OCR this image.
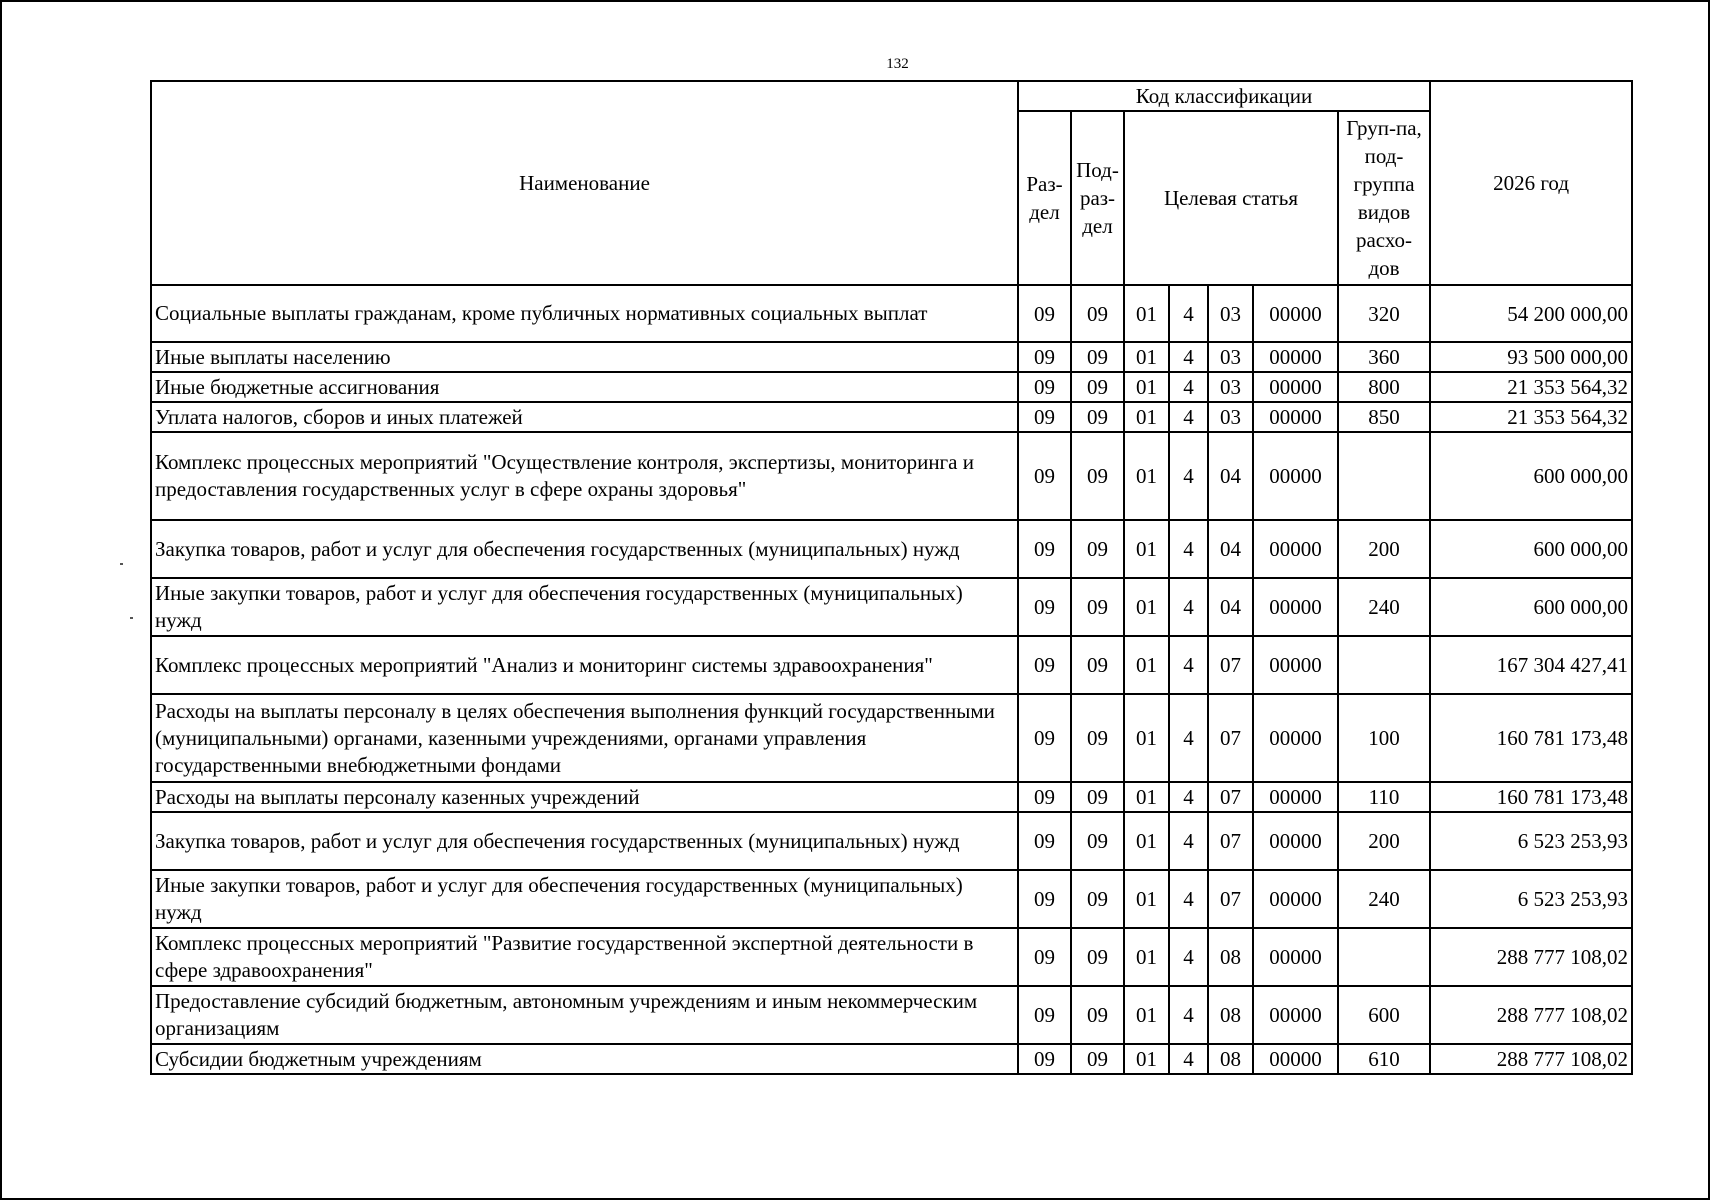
132
Наименование	Код классификации							2026 год
	Раз-дел	Под-раз-дел	Целевая статья				Груп-па, под-группа видов расхо-дов	
Социальные выплаты гражданам, кроме публичных нормативных социальных выплат	09	09	01	4	03	00000	320	54 200 000,00
Иные выплаты населению	09	09	01	4	03	00000	360	93 500 000,00
Иные бюджетные ассигнования	09	09	01	4	03	00000	800	21 353 564,32
Уплата налогов, сборов и иных платежей	09	09	01	4	03	00000	850	21 353 564,32
Комплекс процессных мероприятий "Осуществление контроля, экспертизы, мониторинга и предоставления государственных услуг в сфере охраны здоровья"	09	09	01	4	04	00000		600 000,00
Закупка товаров, работ и услуг для обеспечения государственных (муниципальных) нужд	09	09	01	4	04	00000	200	600 000,00
Иные закупки товаров, работ и услуг для обеспечения государственных (муниципальных) нужд	09	09	01	4	04	00000	240	600 000,00
Комплекс процессных мероприятий "Анализ и мониторинг системы здравоохранения"	09	09	01	4	07	00000		167 304 427,41
Расходы на выплаты персоналу в целях обеспечения выполнения функций государственными (муниципальными) органами, казенными учреждениями, органами управления государственными внебюджетными фондами	09	09	01	4	07	00000	100	160 781 173,48
Расходы на выплаты персоналу казенных учреждений	09	09	01	4	07	00000	110	160 781 173,48
Закупка товаров, работ и услуг для обеспечения государственных (муниципальных) нужд	09	09	01	4	07	00000	200	6 523 253,93
Иные закупки товаров, работ и услуг для обеспечения государственных (муниципальных) нужд	09	09	01	4	07	00000	240	6 523 253,93
Комплекс процессных мероприятий "Развитие государственной экспертной деятельности в сфере здравоохранения"	09	09	01	4	08	00000		288 777 108,02
Предоставление субсидий бюджетным, автономным учреждениям и иным некоммерческим организациям	09	09	01	4	08	00000	600	288 777 108,02
Субсидии бюджетным учреждениям	09	09	01	4	08	00000	610	288 777 108,02
